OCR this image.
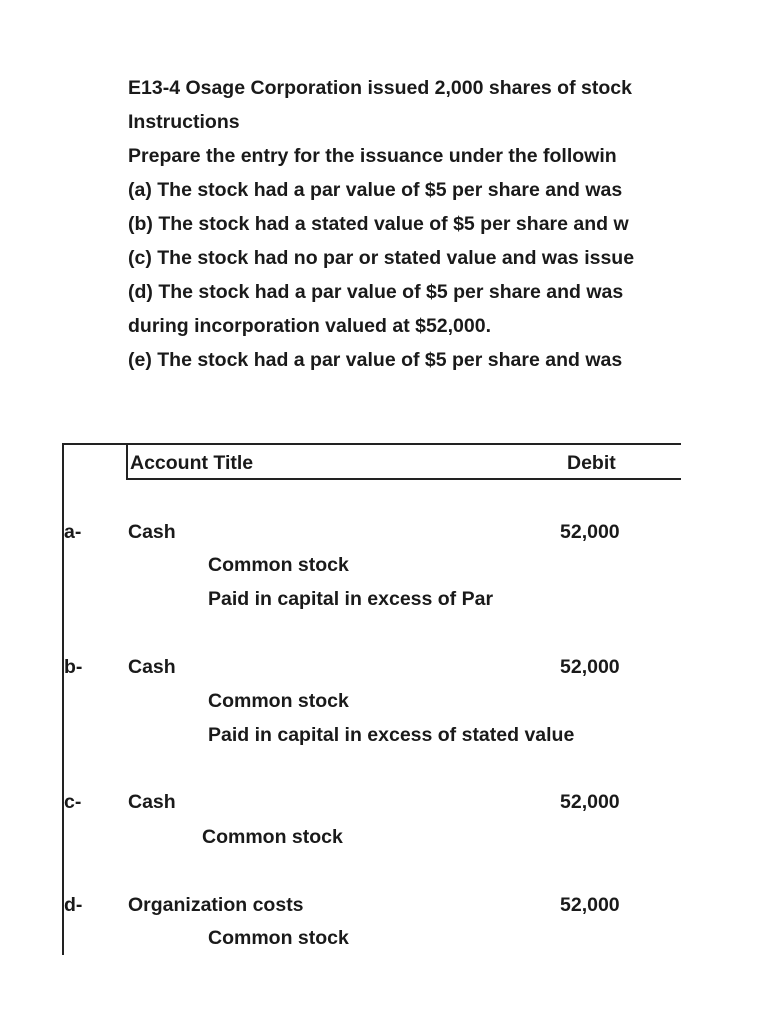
E13-4 Osage Corporation issued 2,000 shares of stock
Instructions
Prepare the entry for the issuance under the followin
(a) The stock had a par value of $5 per share and was
(b) The stock had a stated value of $5 per share and w
(c) The stock had no par or stated value and was issue
(d) The stock had a par value of $5 per share and was
during incorporation valued at $52,000.
(e) The stock had a par value of $5 per share and was
Account Title	Debit
a- Cash	52,000
Common stock
Paid in capital in excess of Par
b- Cash	52,000
Common stock
Paid in capital in excess of stated value
c- Cash	52,000
Common stock
d- Organization costs	52,000
Common stock
